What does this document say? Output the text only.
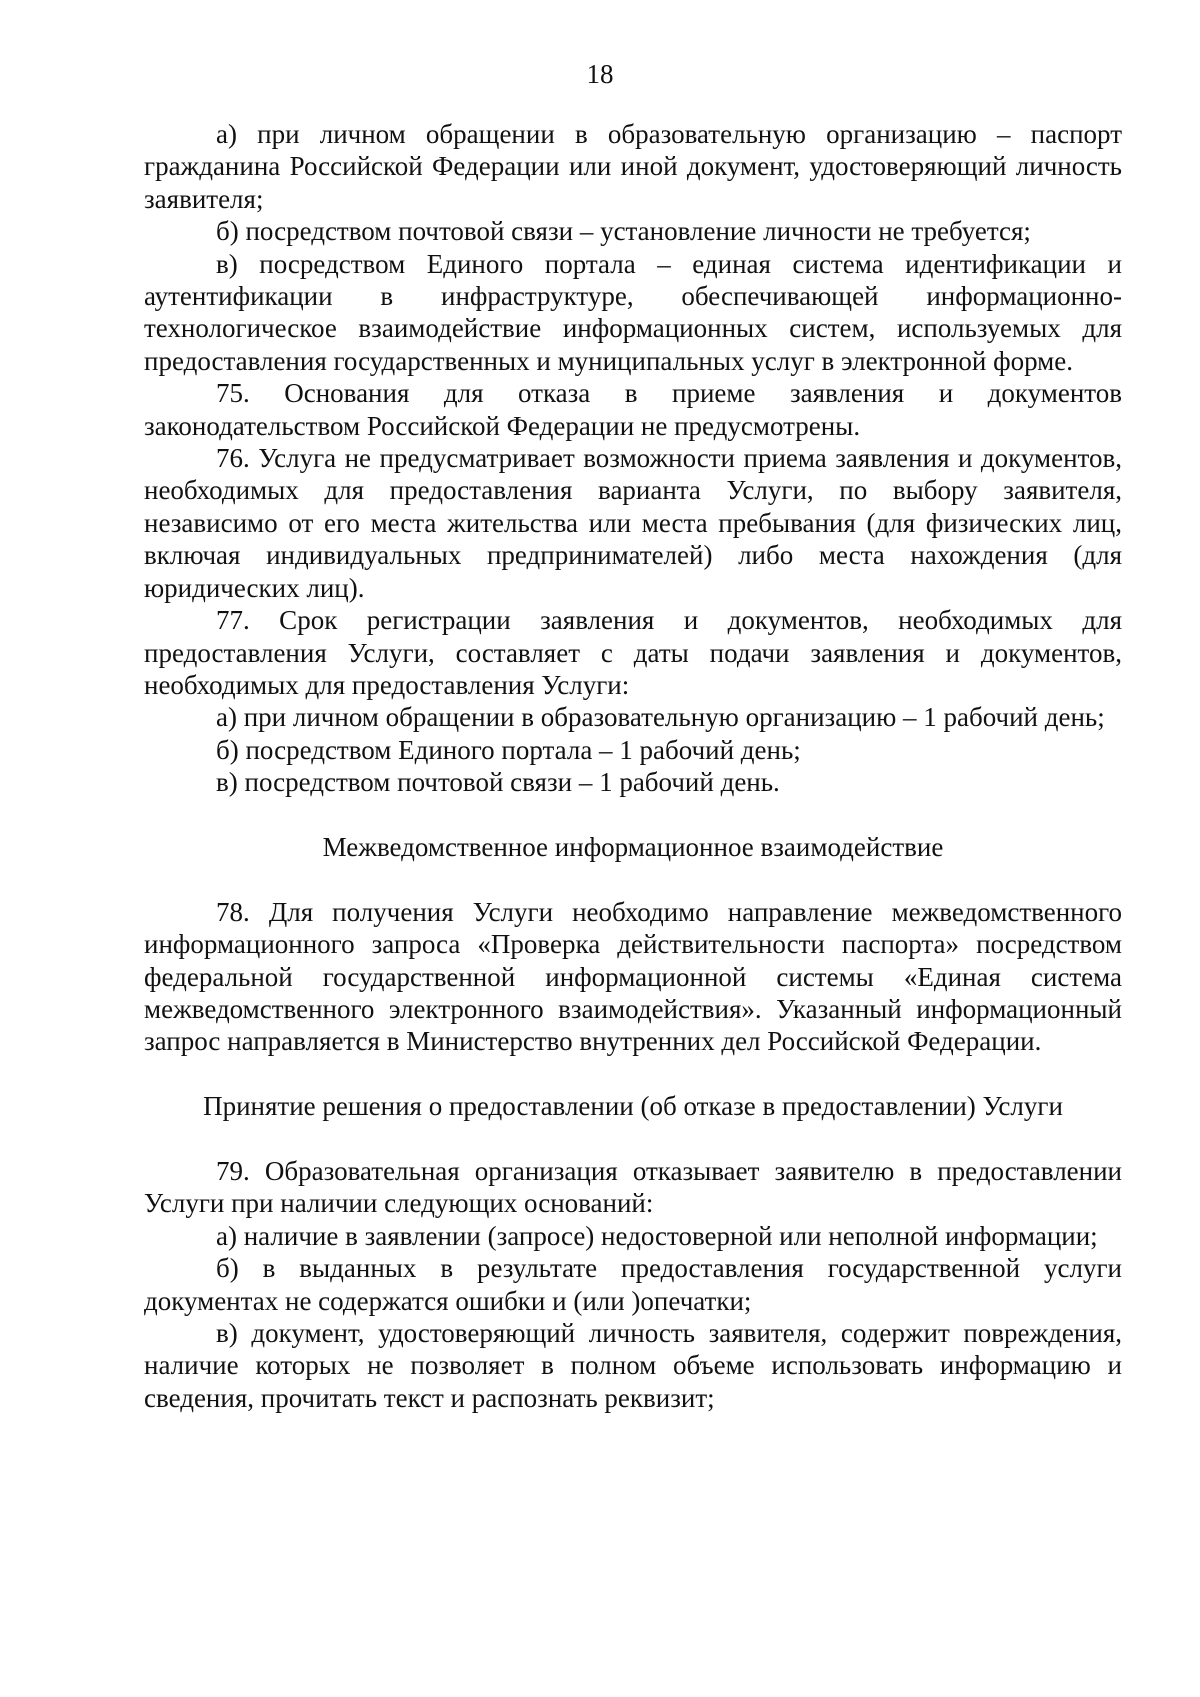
18

а) при личном обращении в образовательную организацию – паспорт гражданина Российской Федерации или иной документ, удостоверяющий личность заявителя;

б) посредством почтовой связи – установление личности не требуется;

в) посредством Единого портала – единая система идентификации и аутентификации в инфраструктуре, обеспечивающей информационно-технологическое взаимодействие информационных систем, используемых для предоставления государственных и муниципальных услуг в электронной форме.

75. Основания для отказа в приеме заявления и документов законодательством Российской Федерации не предусмотрены.

76. Услуга не предусматривает возможности приема заявления и документов, необходимых для предоставления варианта Услуги, по выбору заявителя, независимо от его места жительства или места пребывания (для физических лиц, включая индивидуальных предпринимателей) либо места нахождения (для юридических лиц).

77. Срок регистрации заявления и документов, необходимых для предоставления Услуги, составляет с даты подачи заявления и документов, необходимых для предоставления Услуги:

а) при личном обращении в образовательную организацию – 1 рабочий день;

б) посредством Единого портала – 1 рабочий день;

в) посредством почтовой связи – 1 рабочий день.

Межведомственное информационное взаимодействие

78. Для получения Услуги необходимо направление межведомственного информационного запроса «Проверка действительности паспорта» посредством федеральной государственной информационной системы «Единая система межведомственного электронного взаимодействия». Указанный информационный запрос направляется в Министерство внутренних дел Российской Федерации.

Принятие решения о предоставлении (об отказе в предоставлении) Услуги

79. Образовательная организация отказывает заявителю в предоставлении Услуги при наличии следующих оснований:

а) наличие в заявлении (запросе) недостоверной или неполной информации;

б) в выданных в результате предоставления государственной услуги документах не содержатся ошибки и (или )опечатки;

в) документ, удостоверяющий личность заявителя, содержит повреждения, наличие которых не позволяет в полном объеме использовать информацию и сведения, прочитать текст и распознать реквизит;
